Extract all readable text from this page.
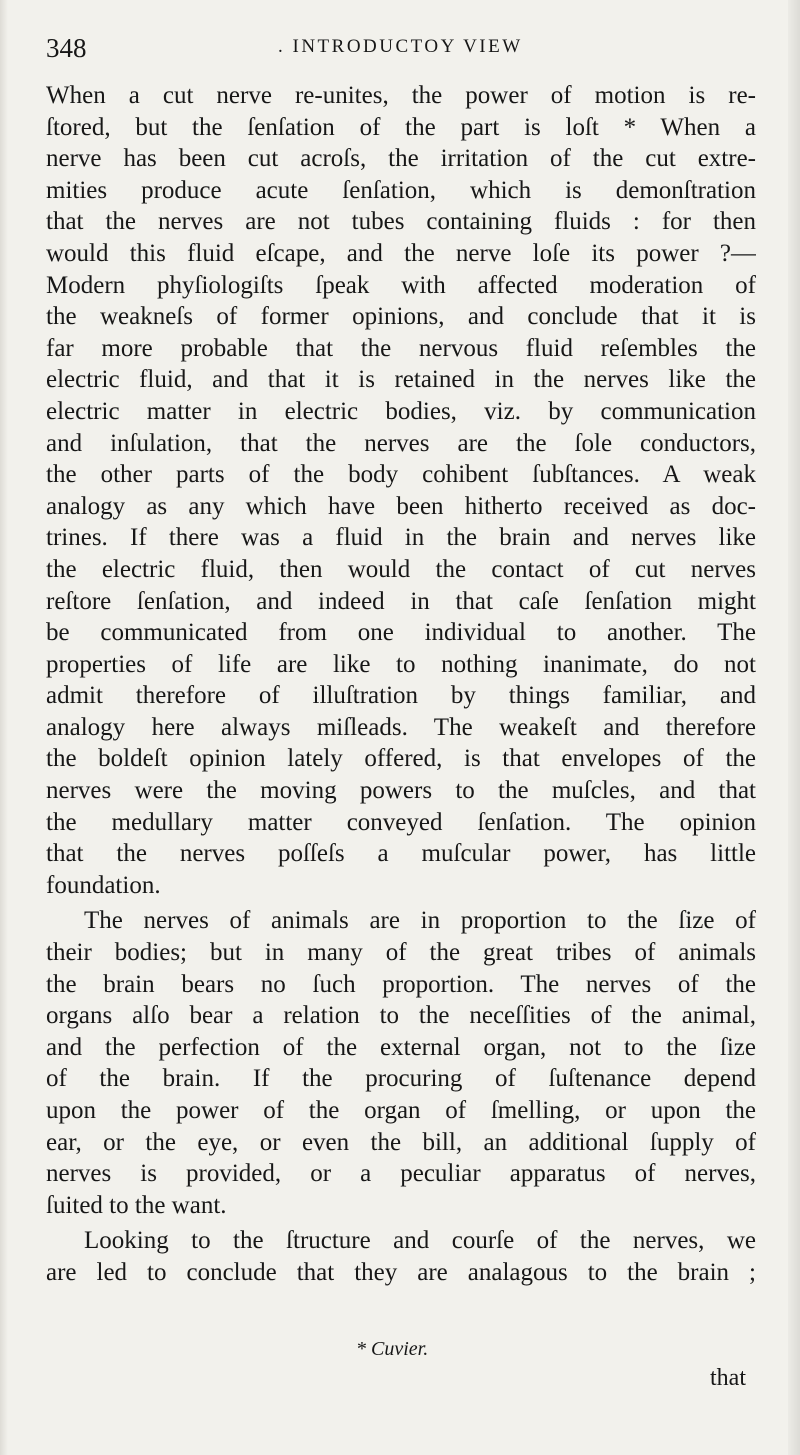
348	. INTRODUCTOY VIEW

When a cut nerve re-unites, the power of motion is re-
ſtored, but the ſenſation of the part is loſt * When a
nerve has been cut acroſs, the irritation of the cut extre-
mities produce acute ſenſation, which is demonſtration
that the nerves are not tubes containing fluids : for then
would this fluid eſcape, and the nerve loſe its power ?—
Modern phyſiologiſts ſpeak with affected moderation of
the weakneſs of former opinions, and conclude that it is
far more probable that the nervous fluid reſembles the
electric fluid, and that it is retained in the nerves like the
electric matter in electric bodies, viz. by communication
and inſulation, that the nerves are the ſole conductors,
the other parts of the body cohibent ſubſtances. A weak
analogy as any which have been hitherto received as doc-
trines. If there was a fluid in the brain and nerves like
the electric fluid, then would the contact of cut nerves
reſtore ſenſation, and indeed in that caſe ſenſation might
be communicated from one individual to another. The
properties of life are like to nothing inanimate, do not
admit therefore of illuſtration by things familiar, and
analogy here always miſleads. The weakeſt and therefore
the boldeſt opinion lately offered, is that envelopes of the
nerves were the moving powers to the muſcles, and that
the medullary matter conveyed ſenſation. The opinion
that the nerves poſſeſs a muſcular power, has little
foundation.

The nerves of animals are in proportion to the ſize of
their bodies; but in many of the great tribes of animals
the brain bears no ſuch proportion. The nerves of the
organs alſo bear a relation to the neceſſities of the animal,
and the perfection of the external organ, not to the ſize
of the brain. If the procuring of ſuſtenance depend
upon the power of the organ of ſmelling, or upon the
ear, or the eye, or even the bill, an additional ſupply of
nerves is provided, or a peculiar apparatus of nerves,
ſuited to the want.

Looking to the ſtructure and courſe of the nerves, we
are led to conclude that they are analagous to the brain ;

* Cuvier.
that
